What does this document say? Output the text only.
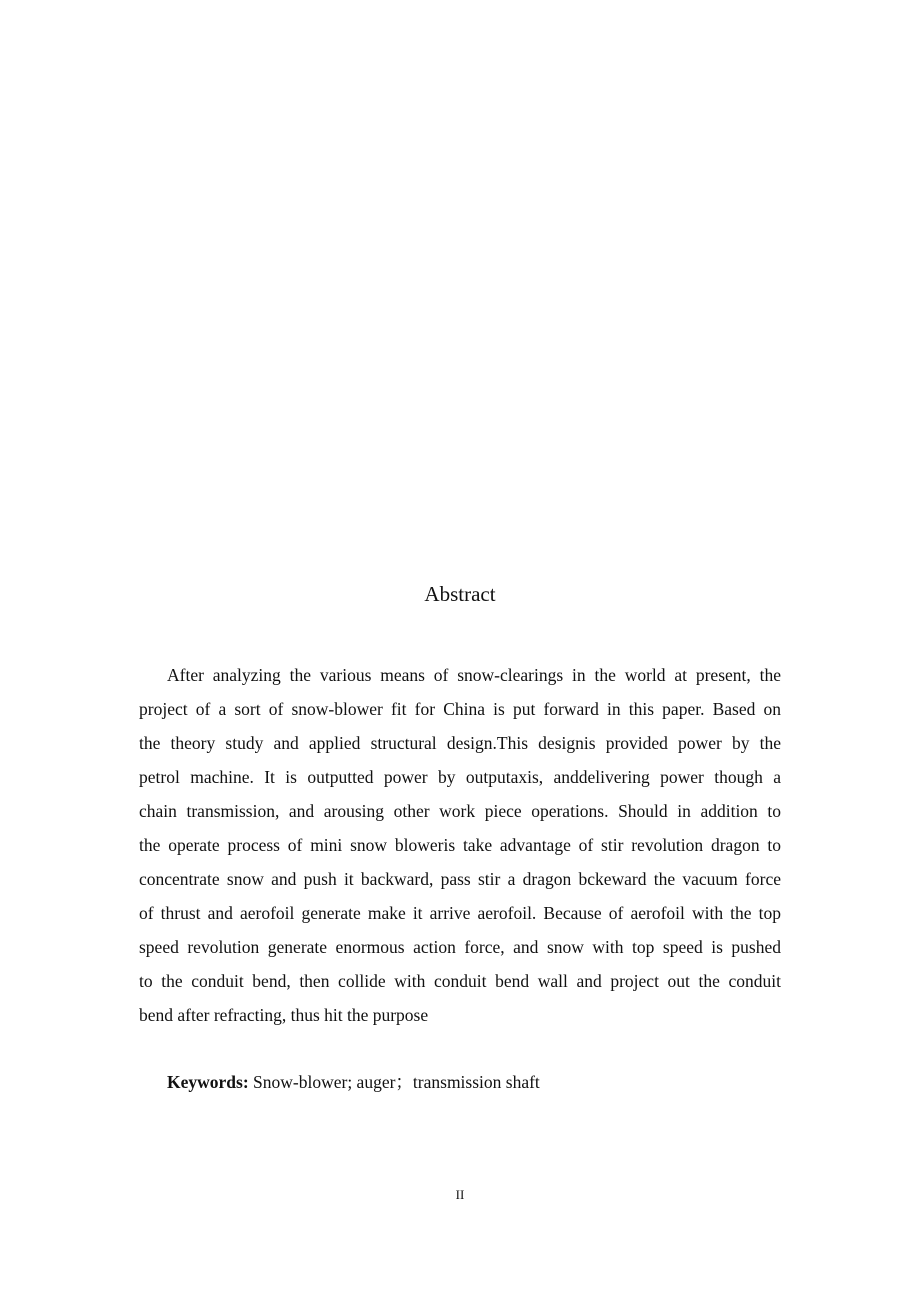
Abstract
After analyzing the various means of snow-clearings in the world at present, the
project of a sort of snow-blower fit for China is put forward in this paper. Based on
the theory study and applied structural design.This designis provided power by the
petrol machine. It is outputted power by outputaxis, anddelivering power though a
chain transmission, and arousing other work piece operations. Should in addition to
the operate process of mini snow bloweris take advantage of stir revolution dragon to
concentrate snow and push it backward, pass stir a dragon bckeward the vacuum force
of thrust and aerofoil generate make it arrive aerofoil. Because of aerofoil with the top
speed revolution generate enormous action force, and snow with top speed is pushed
to the conduit bend, then collide with conduit bend wall and project out the conduit
bend after refracting, thus hit the purpose
Keywords: Snow-blower; auger；transmission shaft
II
